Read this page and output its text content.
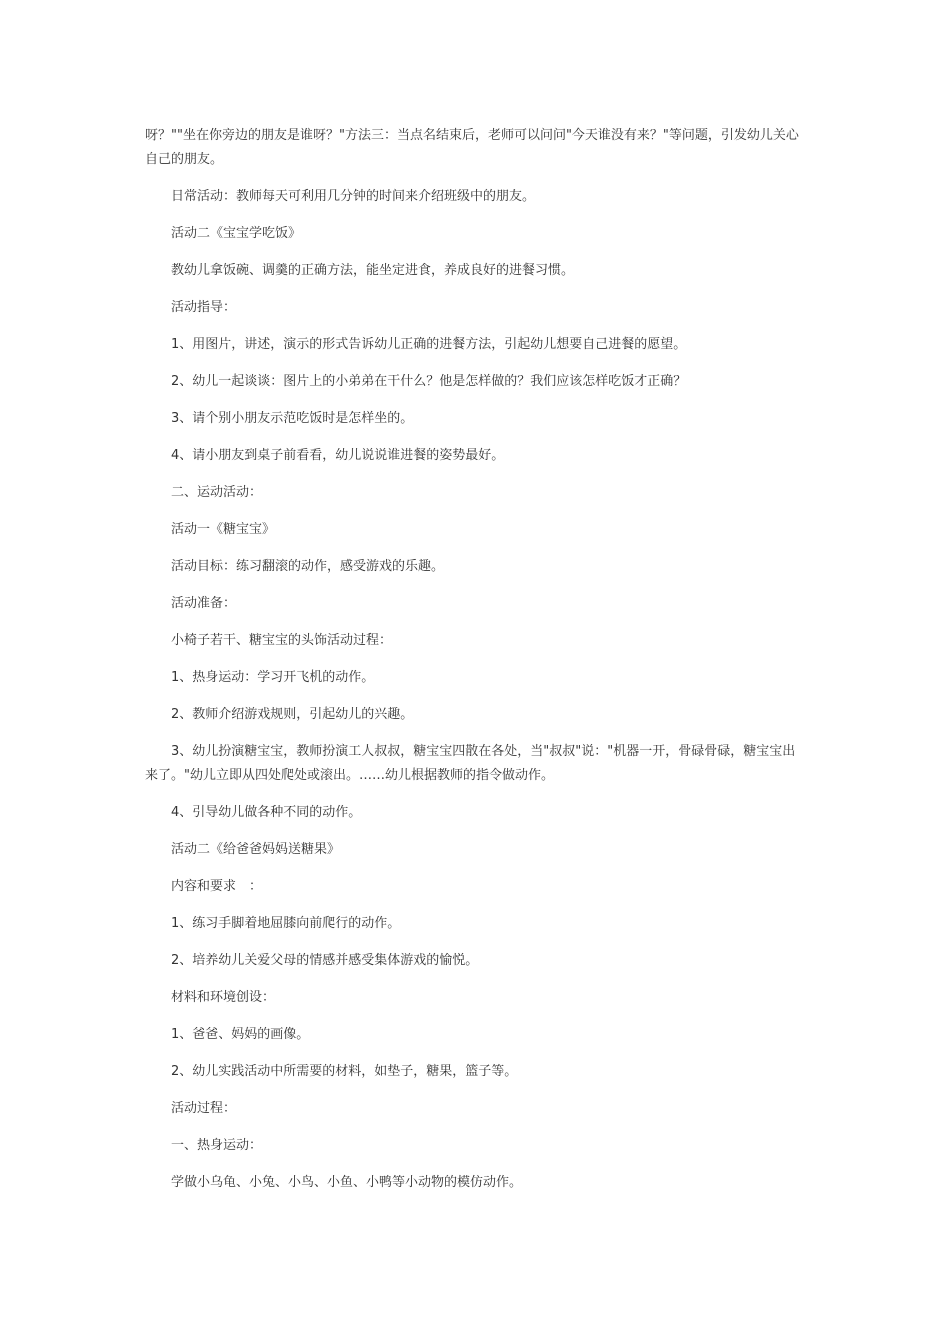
呀？""坐在你旁边的朋友是谁呀？"方法三：当点名结束后，老师可以问问"今天谁没有来？"等问题，引发幼儿关心自己的朋友。

日常活动：教师每天可利用几分钟的时间来介绍班级中的朋友。

活动二《宝宝学吃饭》

教幼儿拿饭碗、调羹的正确方法，能坐定进食，养成良好的进餐习惯。

活动指导：

1、用图片，讲述，演示的形式告诉幼儿正确的进餐方法，引起幼儿想要自己进餐的愿望。

2、幼儿一起谈谈：图片上的小弟弟在干什么？他是怎样做的？我们应该怎样吃饭才正确？

3、请个别小朋友示范吃饭时是怎样坐的。

4、请小朋友到桌子前看看，幼儿说说谁进餐的姿势最好。

二、运动活动：

活动一《糖宝宝》

活动目标：练习翻滚的动作，感受游戏的乐趣。

活动准备：

小椅子若干、糖宝宝的头饰活动过程：

1、热身运动：学习开飞机的动作。

2、教师介绍游戏规则，引起幼儿的兴趣。

3、幼儿扮演糖宝宝，教师扮演工人叔叔，糖宝宝四散在各处，当"叔叔"说："机器一开，骨碌骨碌，糖宝宝出来了。"幼儿立即从四处爬处或滚出。……幼儿根据教师的指令做动作。

4、引导幼儿做各种不同的动作。

活动二《给爸爸妈妈送糖果》

内容和要求　：

1、练习手脚着地屈膝向前爬行的动作。

2、培养幼儿关爱父母的情感并感受集体游戏的愉悦。

材料和环境创设：

1、爸爸、妈妈的画像。

2、幼儿实践活动中所需要的材料，如垫子，糖果，篮子等。

活动过程：

一、热身运动：

学做小乌龟、小兔、小鸟、小鱼、小鸭等小动物的模仿动作。
